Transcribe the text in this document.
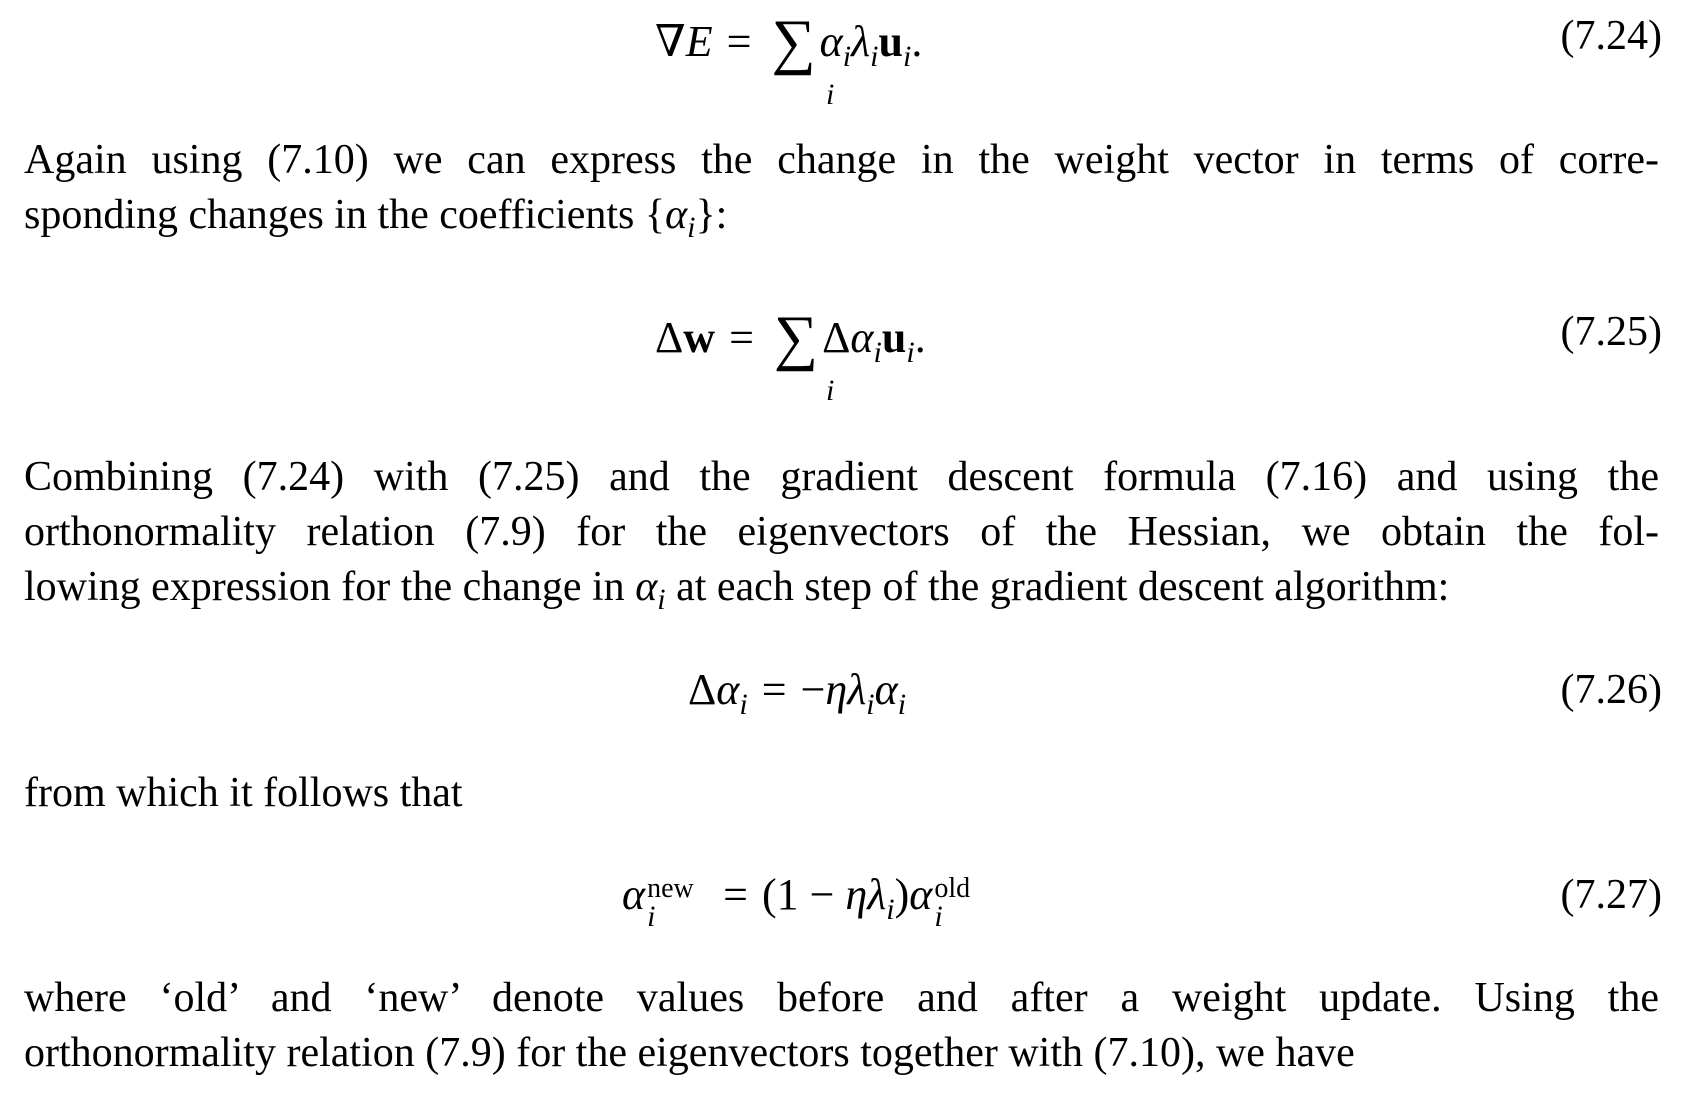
$\nabla E = \sum\alpha_i\lambda_iu_i$.
i
(7.24)
Again using (7.10) we can express the change in the weight vector in terms of corre-
sponding changes in the coefficients $\{\alpha_i\}$:
$\Delta w = \sum\Delta\alpha_iu_i$.
i
(7.25)
Combining (7.24) with (7.25) and the gradient descent formula (7.16) and using the
orthonormality relation (7.9) for the eigenvectors of the Hessian, we obtain the fol-
lowing expression for the change in $\alpha_i$ at each step of the gradient descent algorithm:
$\Delta\alpha_i = -\eta\lambda_i\alpha_i$	(7.26)
from which it follows that
α new
$i = (1 - \eta\lambda_i)\alpha$ old
i	(7.27)
where ‘old’ and ‘new’ denote values before and after a weight update. Using the
orthonormality relation (7.9) for the eigenvectors together with (7.10), we have
